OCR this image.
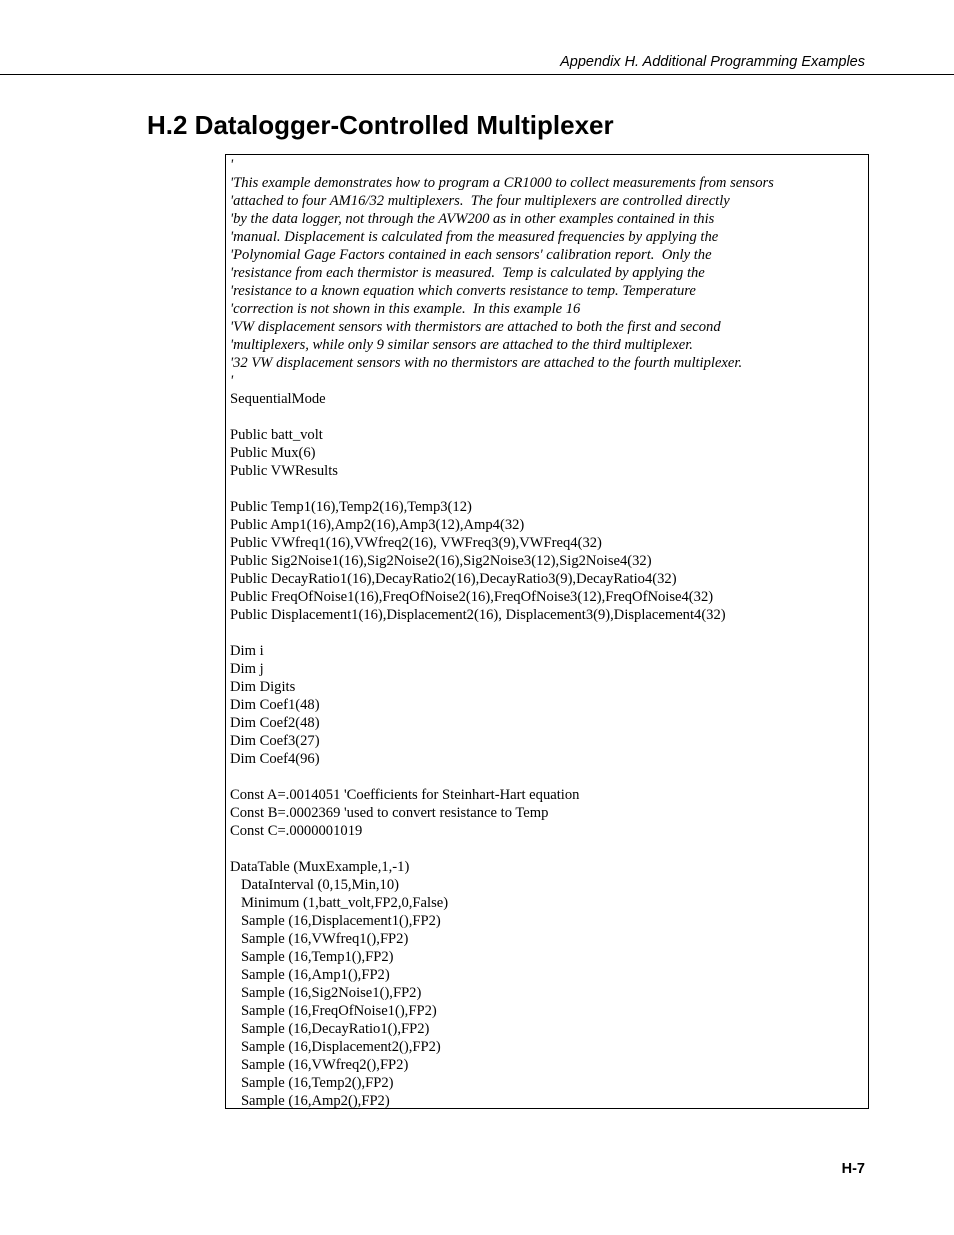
Appendix H. Additional Programming Examples
H.2 Datalogger-Controlled Multiplexer
'
'This example demonstrates how to program a CR1000 to collect measurements from sensors
'attached to four AM16/32 multiplexers.  The four multiplexers are controlled directly
'by the data logger, not through the AVW200 as in other examples contained in this
'manual. Displacement is calculated from the measured frequencies by applying the
'Polynomial Gage Factors contained in each sensors' calibration report.  Only the
'resistance from each thermistor is measured.  Temp is calculated by applying the
'resistance to a known equation which converts resistance to temp. Temperature
'correction is not shown in this example.  In this example 16
'VW displacement sensors with thermistors are attached to both the first and second
'multiplexers, while only 9 similar sensors are attached to the third multiplexer.
'32 VW displacement sensors with no thermistors are attached to the fourth multiplexer.
'
SequentialMode
Public batt_volt
Public Mux(6)
Public VWResults
Public Temp1(16),Temp2(16),Temp3(12)
Public Amp1(16),Amp2(16),Amp3(12),Amp4(32)
Public VWfreq1(16),VWfreq2(16), VWFreq3(9),VWFreq4(32)
Public Sig2Noise1(16),Sig2Noise2(16),Sig2Noise3(12),Sig2Noise4(32)
Public DecayRatio1(16),DecayRatio2(16),DecayRatio3(9),DecayRatio4(32)
Public FreqOfNoise1(16),FreqOfNoise2(16),FreqOfNoise3(12),FreqOfNoise4(32)
Public Displacement1(16),Displacement2(16), Displacement3(9),Displacement4(32)
Dim i
Dim j
Dim Digits
Dim Coef1(48)
Dim Coef2(48)
Dim Coef3(27)
Dim Coef4(96)
Const A=.0014051 'Coefficients for Steinhart-Hart equation
Const B=.0002369 'used to convert resistance to Temp
Const C=.0000001019
DataTable (MuxExample,1,-1)
DataInterval (0,15,Min,10)
Minimum (1,batt_volt,FP2,0,False)
Sample (16,Displacement1(),FP2)
Sample (16,VWfreq1(),FP2)
Sample (16,Temp1(),FP2)
Sample (16,Amp1(),FP2)
Sample (16,Sig2Noise1(),FP2)
Sample (16,FreqOfNoise1(),FP2)
Sample (16,DecayRatio1(),FP2)
Sample (16,Displacement2(),FP2)
Sample (16,VWfreq2(),FP2)
Sample (16,Temp2(),FP2)
Sample (16,Amp2(),FP2)
H-7
